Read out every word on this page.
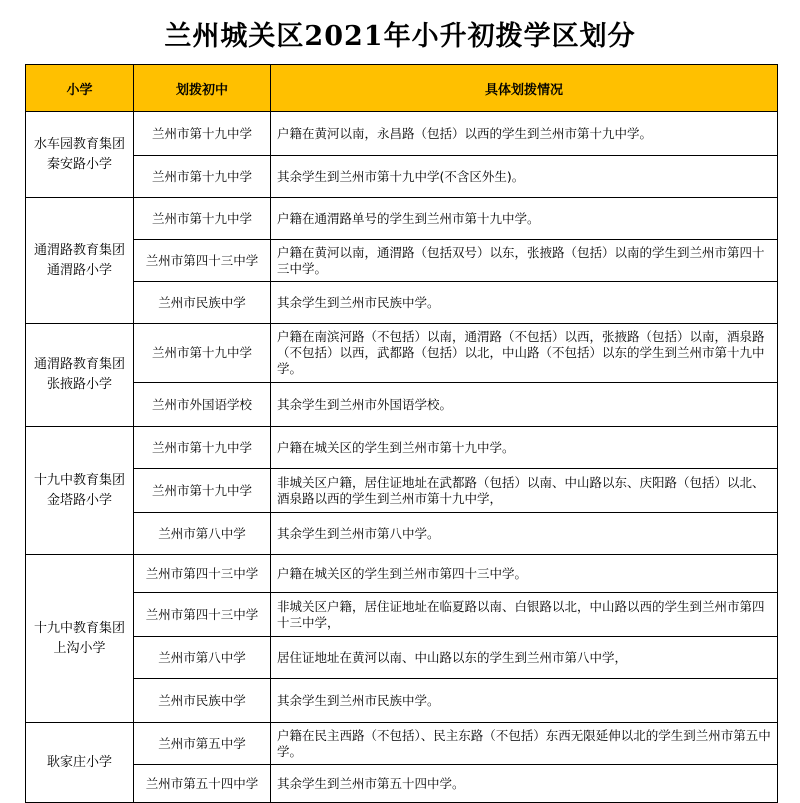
兰州城关区2021年小升初拨学区划分
小学	划拨初中	具体划拨情况
水车园教育集团秦安路小学	兰州市第十九中学	户籍在黄河以南，永昌路（包括）以西的学生到兰州市第十九中学。
	兰州市第十九中学	其余学生到兰州市第十九中学(不含区外生)。
通渭路教育集团通渭路小学	兰州市第十九中学	户籍在通渭路单号的学生到兰州市第十九中学。
	兰州市第四十三中学	户籍在黄河以南，通渭路（包括双号）以东，张掖路（包括）以南的学生到兰州市第四十三中学。
	兰州市民族中学	其余学生到兰州市民族中学。
通渭路教育集团张掖路小学	兰州市第十九中学	户籍在南滨河路（不包括）以南，通渭路（不包括）以西，张掖路（包括）以南，酒泉路（不包括）以西，武都路（包括）以北，中山路（不包括）以东的学生到兰州市第十九中学。
	兰州市外国语学校	其余学生到兰州市外国语学校。
十九中教育集团金塔路小学	兰州市第十九中学	户籍在城关区的学生到兰州市第十九中学。
	兰州市第十九中学	非城关区户籍，居住证地址在武都路（包括）以南、中山路以东、庆阳路（包括）以北、酒泉路以西的学生到兰州市第十九中学，
	兰州市第八中学	其余学生到兰州市第八中学。
十九中教育集团上沟小学	兰州市第四十三中学	户籍在城关区的学生到兰州市第四十三中学。
	兰州市第四十三中学	非城关区户籍，居住证地址在临夏路以南、白银路以北，中山路以西的学生到兰州市第四十三中学，
	兰州市第八中学	居住证地址在黄河以南、中山路以东的学生到兰州市第八中学，
	兰州市民族中学	其余学生到兰州市民族中学。
耿家庄小学	兰州市第五中学	户籍在民主西路（不包括）、民主东路（不包括）东西无限延伸以北的学生到兰州市第五中学。
	兰州市第五十四中学	其余学生到兰州市第五十四中学。
